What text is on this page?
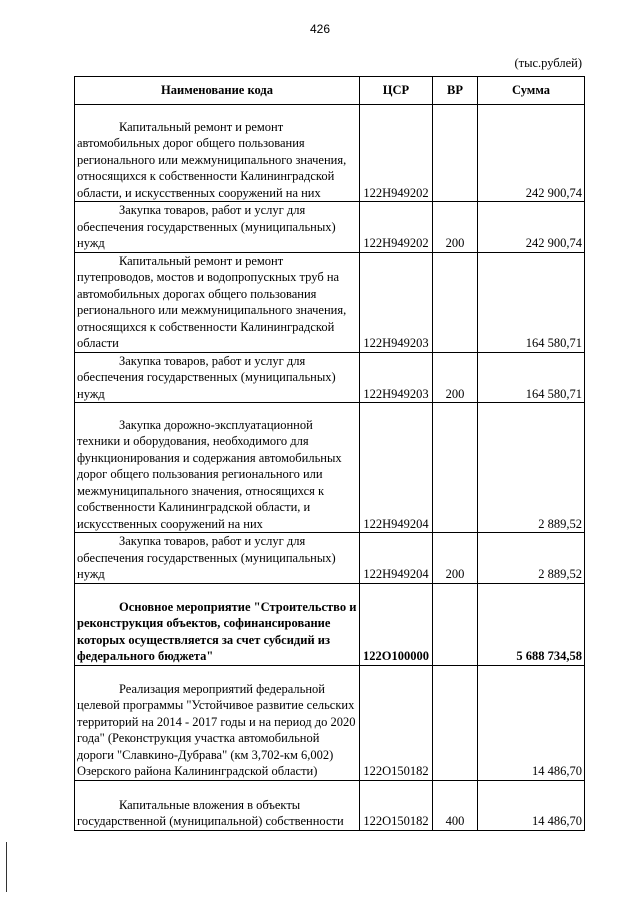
426
(тыс.рублей)
Наименование кода	ЦСР	ВР	Сумма
Капитальный ремонт и ремонт автомобильных дорог общего пользования регионального или межмуниципального значения, относящихся к собственности Калининградской области, и искусственных сооружений на них	122H949202		242 900,74
Закупка товаров, работ и услуг для обеспечения государственных (муниципальных) нужд	122H949202	200	242 900,74
Капитальный ремонт и ремонт путепроводов, мостов и водопропускных труб на автомобильных дорогах общего пользования регионального или межмуниципального значения, относящихся к собственности Калининградской области	122H949203		164 580,71
Закупка товаров, работ и услуг для обеспечения государственных (муниципальных) нужд	122H949203	200	164 580,71
Закупка дорожно-эксплуатационной техники и оборудования, необходимого для функционирования и содержания автомобильных дорог общего пользования регионального или межмуниципального значения, относящихся к собственности Калининградской области, и искусственных сооружений на них	122H949204		2 889,52
Закупка товаров, работ и услуг для обеспечения государственных (муниципальных) нужд	122H949204	200	2 889,52
Основное мероприятие "Строительство и реконструкция объектов, софинансирование которых осуществляется за счет субсидий из федерального бюджета"	122O100000		5 688 734,58
Реализация мероприятий федеральной целевой программы "Устойчивое развитие сельских территорий на 2014 - 2017 годы и на период до 2020 года" (Реконструкция участка автомобильной дороги "Славкино-Дубрава" (км 3,702-км 6,002) Озерского района Калининградской области)	122O150182		14 486,70
Капитальные вложения в объекты государственной (муниципальной) собственности	122O150182	400	14 486,70
